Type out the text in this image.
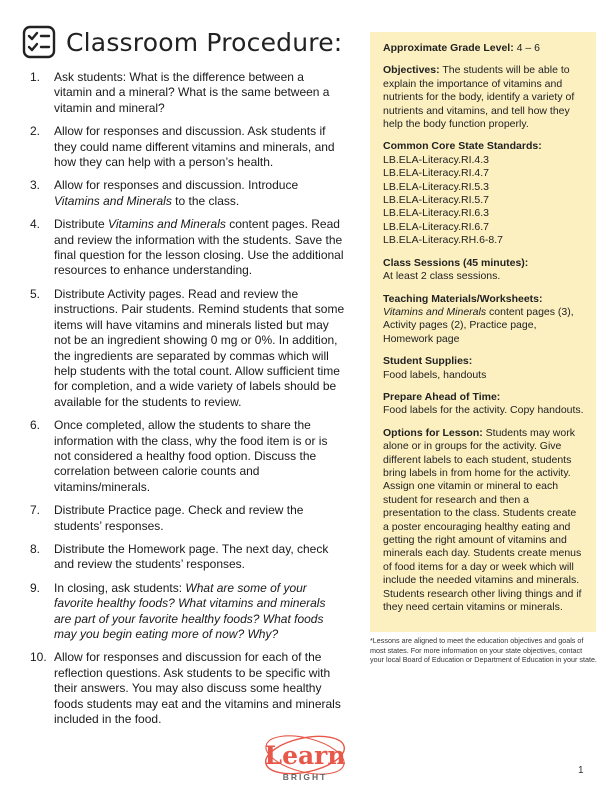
Classroom Procedure:
1. Ask students: What is the difference between a vitamin and a mineral? What is the same between a vitamin and mineral?
2. Allow for responses and discussion. Ask students if they could name different vitamins and minerals, and how they can help with a person’s health.
3. Allow for responses and discussion. Introduce Vitamins and Minerals to the class.
4. Distribute Vitamins and Minerals content pages. Read and review the information with the students. Save the final question for the lesson closing. Use the additional resources to enhance understanding.
5. Distribute Activity pages. Read and review the instructions. Pair students. Remind students that some items will have vitamins and minerals listed but may not be an ingredient showing 0 mg or 0%. In addition, the ingredients are separated by commas which will help students with the total count. Allow sufficient time for completion, and a wide variety of labels should be available for the students to review.
6. Once completed, allow the students to share the information with the class, why the food item is or is not considered a healthy food option. Discuss the correlation between calorie counts and vitamins/minerals.
7. Distribute Practice page. Check and review the students’ responses.
8. Distribute the Homework page. The next day, check and review the students’ responses.
9. In closing, ask students: What are some of your favorite healthy foods? What vitamins and minerals are part of your favorite healthy foods? What foods may you begin eating more of now? Why?
10. Allow for responses and discussion for each of the reflection questions. Ask students to be specific with their answers. You may also discuss some healthy foods students may eat and the vitamins and minerals included in the food.
Approximate Grade Level: 4 – 6
Objectives: The students will be able to explain the importance of vitamins and nutrients for the body, identify a variety of nutrients and vitamins, and tell how they help the body function properly.
Common Core State Standards:
LB.ELA-Literacy.RI.4.3
LB.ELA-Literacy.RI.4.7
LB.ELA-Literacy.RI.5.3
LB.ELA-Literacy.RI.5.7
LB.ELA-Literacy.RI.6.3
LB.ELA-Literacy.RI.6.7
LB.ELA-Literacy.RH.6-8.7
Class Sessions (45 minutes):
At least 2 class sessions.
Teaching Materials/Worksheets:
Vitamins and Minerals content pages (3), Activity pages (2), Practice page, Homework page
Student Supplies:
Food labels, handouts
Prepare Ahead of Time:
Food labels for the activity. Copy handouts.
Options for Lesson: Students may work alone or in groups for the activity. Give different labels to each student, students bring labels in from home for the activity. Assign one vitamin or mineral to each student for research and then a presentation to the class. Students create a poster encouraging healthy eating and getting the right amount of vitamins and minerals each day. Students create menus of food items for a day or week which will include the needed vitamins and minerals. Students research other living things and if they need certain vitamins or minerals.
*Lessons are aligned to meet the education objectives and goals of most states. For more information on your state objectives, contact your local Board of Education or Department of Education in your state.
Learn
BRIGHT
1
